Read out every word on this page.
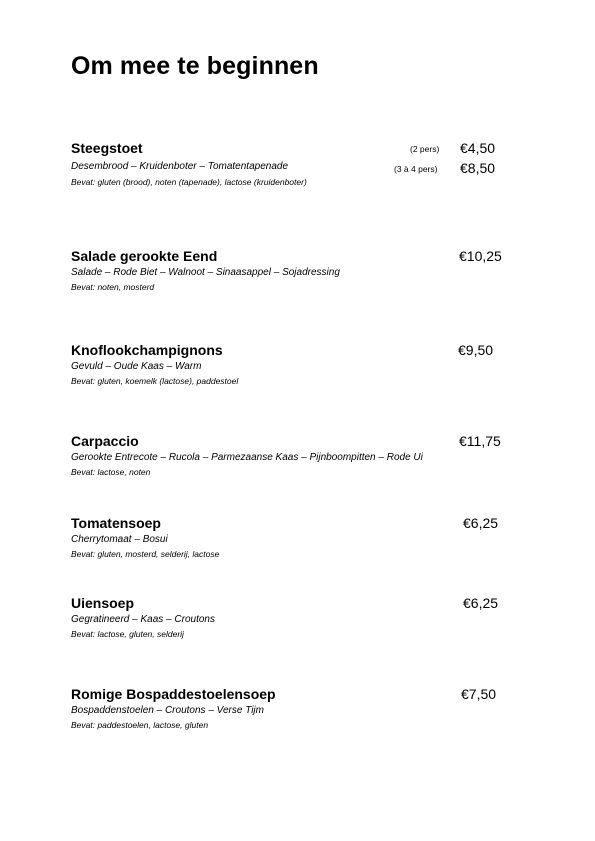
Om mee te beginnen
Steegstoet	(2 pers) €4,50
Desembrood – Kruidenboter – Tomatentapenade	(3 à 4 pers) €8,50
Bevat: gluten (brood), noten (tapenade), lactose (kruidenboter)
Salade gerookte Eend	€10,25
Salade – Rode Biet – Walnoot – Sinaasappel – Sojadressing
Bevat: noten, mosterd
Knoflookchampignons	€9,50
Gevuld – Oude Kaas – Warm
Bevat: gluten, koemelk (lactose), paddestoel
Carpaccio	€11,75
Gerookte Entrecote – Rucola – Parmezaanse Kaas – Pijnboompitten – Rode Ui
Bevat: lactose, noten
Tomatensoep	€6,25
Cherrytomaat – Bosui
Bevat: gluten, mosterd, selderij, lactose
Uiensoep	€6,25
Gegratineerd – Kaas – Croutons
Bevat: lactose, gluten, selderij
Romige Bospaddestoelensoep	€7,50
Bospaddenstoelen – Croutons – Verse Tijm
Bevat: paddestoelen, lactose, gluten
